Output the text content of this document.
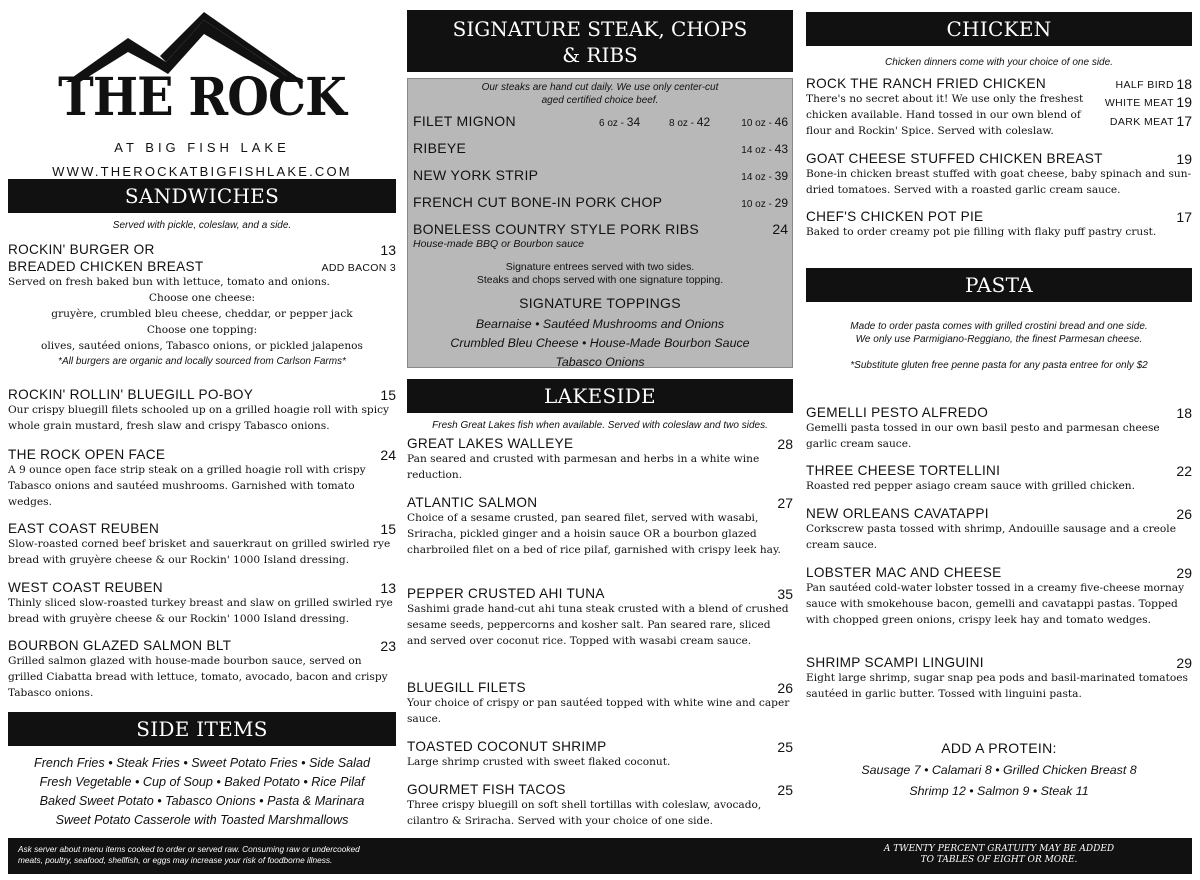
THE ROCK
AT BIG FISH LAKE
WWW.THEROCKATBIGFISHLAKE.COM
SANDWICHES
Served with pickle, coleslaw, and a side.
ROCKIN' BURGER OR
BREADED CHICKEN BREAST
13
ADD BACON 3
Served on fresh baked bun with lettuce, tomato and onions.
Choose one cheese:
gruyère, crumbled bleu cheese, cheddar, or pepper jack
Choose one topping:
olives, sautéed onions, Tabasco onions, or pickled jalapenos
*All burgers are organic and locally sourced from Carlson Farms*
ROCKIN' ROLLIN' BLUEGILL PO-BOY	15
Our crispy bluegill filets schooled up on a grilled hoagie roll with spicy whole grain mustard, fresh slaw and crispy Tabasco onions.
THE ROCK OPEN FACE	24
A 9 ounce open face strip steak on a grilled hoagie roll with crispy Tabasco onions and sautéed mushrooms. Garnished with tomato wedges.
EAST COAST REUBEN	15
Slow-roasted corned beef brisket and sauerkraut on grilled swirled rye bread with gruyère cheese & our Rockin' 1000 Island dressing.
WEST COAST REUBEN	13
Thinly sliced slow-roasted turkey breast and slaw on grilled swirled rye bread with gruyère cheese & our Rockin' 1000 Island dressing.
BOURBON GLAZED SALMON BLT	23
Grilled salmon glazed with house-made bourbon sauce, served on grilled Ciabatta bread with lettuce, tomato, avocado, bacon and crispy Tabasco onions.
SIDE ITEMS

French Fries • Steak Fries • Sweet Potato Fries • Side Salad

Fresh Vegetable • Cup of Soup • Baked Potato • Rice Pilaf

Baked Sweet Potato • Tabasco Onions • Pasta & Marinara

Sweet Potato Casserole with Toasted Marshmallows

SIGNATURE STEAK, CHOPS
& RIBS
Our steaks are hand cut daily. We use only center-cut
aged certified choice beef.
FILET MIGNON	6 oz - 34	8 oz - 42	10 oz - 46
RIBEYE	14 oz - 43
NEW YORK STRIP	14 oz - 39
FRENCH CUT BONE-IN PORK CHOP	10 oz - 29
BONELESS COUNTRY STYLE PORK RIBS	24
House-made BBQ or Bourbon sauce
Signature entrees served with two sides.
Steaks and chops served with one signature topping.
SIGNATURE TOPPINGS
Bearnaise • Sautéed Mushrooms and Onions
Crumbled Bleu Cheese • House-Made Bourbon Sauce
Tabasco Onions
LAKESIDE
Fresh Great Lakes fish when available. Served with coleslaw and two sides.
GREAT LAKES WALLEYE	28
Pan seared and crusted with parmesan and herbs in a white wine reduction.
ATLANTIC SALMON	27
Choice of a sesame crusted, pan seared filet, served with wasabi, Sriracha, pickled ginger and a hoisin sauce OR a bourbon glazed charbroiled filet on a bed of rice pilaf, garnished with crispy leek hay.
PEPPER CRUSTED AHI TUNA	35
Sashimi grade hand-cut ahi tuna steak crusted with a blend of crushed sesame seeds, peppercorns and kosher salt. Pan seared rare, sliced and served over coconut rice. Topped with wasabi cream sauce.
BLUEGILL FILETS	26
Your choice of crispy or pan sautéed topped with white wine and caper sauce.
TOASTED COCONUT SHRIMP	25
Large shrimp crusted with sweet flaked coconut.
GOURMET FISH TACOS	25
Three crispy bluegill on soft shell tortillas with coleslaw, avocado, cilantro & Sriracha. Served with your choice of one side.
CHICKEN
Chicken dinners come with your choice of one side.
ROCK THE RANCH FRIED CHICKEN	HALF BIRD 18
WHITE MEAT 19
DARK MEAT 17
There's no secret about it! We use only the freshest chicken available. Hand tossed in our own blend of flour and Rockin' Spice. Served with coleslaw.
GOAT CHEESE STUFFED CHICKEN BREAST	19
Bone-in chicken breast stuffed with goat cheese, baby spinach and sun-dried tomatoes. Served with a roasted garlic cream sauce.
CHEF'S CHICKEN POT PIE	17
Baked to order creamy pot pie filling with flaky puff pastry crust.
PASTA
Made to order pasta comes with grilled crostini bread and one side.
We only use Parmigiano-Reggiano, the finest Parmesan cheese.
*Substitute gluten free penne pasta for any pasta entree for only $2
GEMELLI PESTO ALFREDO	18
Gemelli pasta tossed in our own basil pesto and parmesan cheese garlic cream sauce.
THREE CHEESE TORTELLINI	22
Roasted red pepper asiago cream sauce with grilled chicken.
NEW ORLEANS CAVATAPPI	26
Corkscrew pasta tossed with shrimp, Andouille sausage and a creole cream sauce.
LOBSTER MAC AND CHEESE	29
Pan sautéed cold-water lobster tossed in a creamy five-cheese mornay sauce with smokehouse bacon, gemelli and cavatappi pastas. Topped with chopped green onions, crispy leek hay and tomato wedges.
SHRIMP SCAMPI LINGUINI	29
Eight large shrimp, sugar snap pea pods and basil-marinated tomatoes sautéed in garlic butter. Tossed with linguini pasta.
ADD A PROTEIN:

Sausage 7 • Calamari 8 • Grilled Chicken Breast 8

Shrimp 12 • Salmon 9 • Steak 11

Ask server about menu items cooked to order or served raw. Consuming raw or undercooked

meats, poultry, seafood, shellfish, or eggs may increase your risk of foodborne illness.

A TWENTY PERCENT GRATUITY MAY BE ADDED

TO TABLES OF EIGHT OR MORE.
